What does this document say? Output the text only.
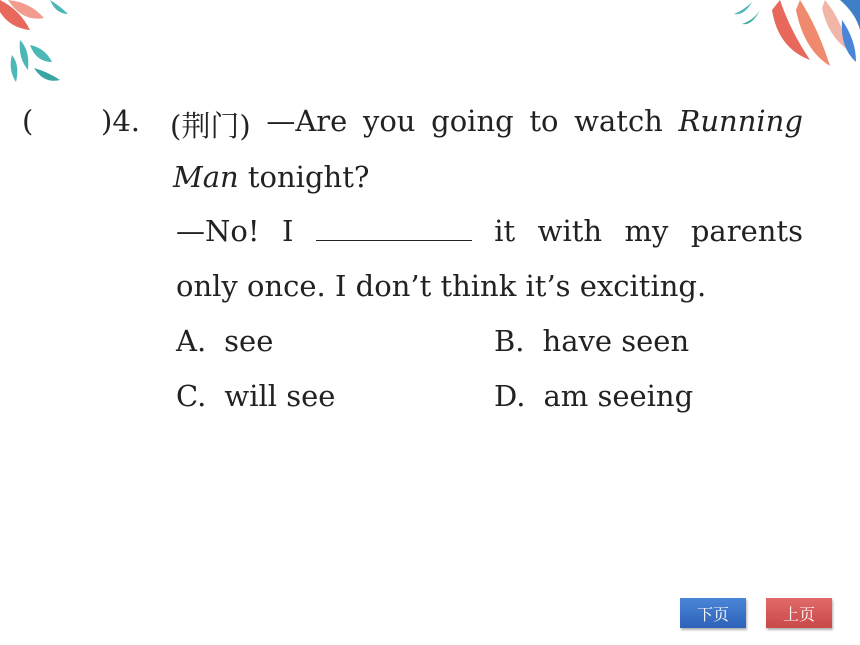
( )4. (荆门) —Are you going to watch Running
Man tonight?
—No! I	it with my parents
only once. I don’t think it’s exciting.
A. see	B. have seen
C. will see	D. am seeing
下页	上页
